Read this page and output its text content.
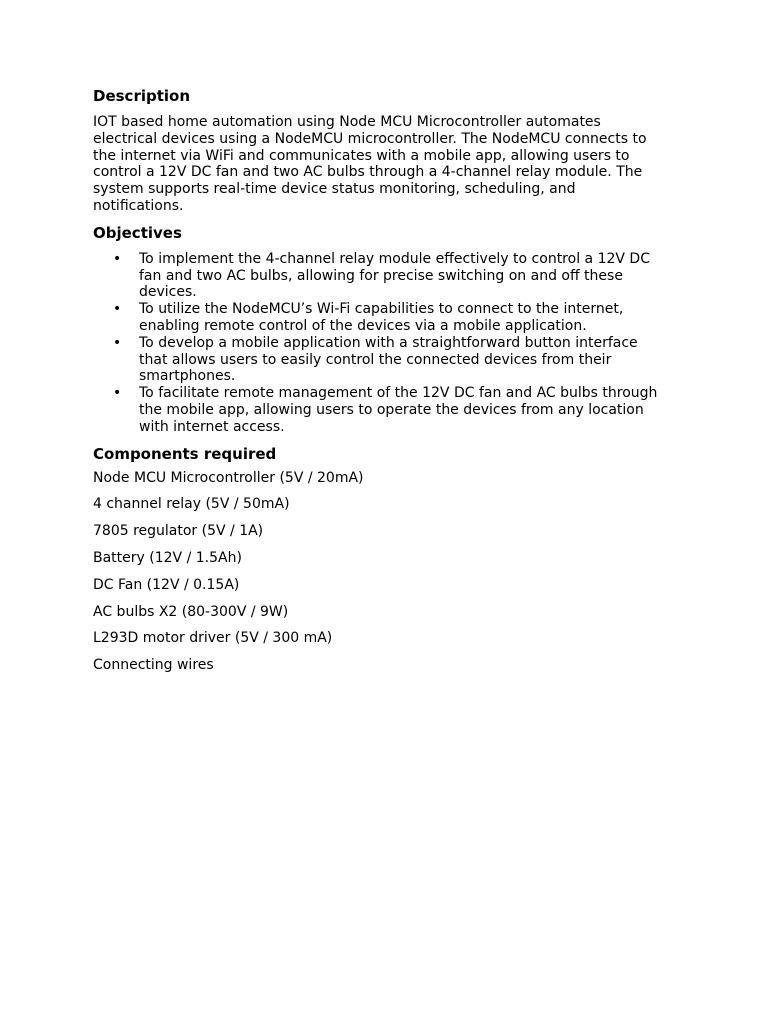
Description

IOT based home automation using Node MCU Microcontroller automates electrical devices using a NodeMCU microcontroller. The NodeMCU connects to the internet via WiFi and communicates with a mobile app, allowing users to control a 12V DC fan and two AC bulbs through a 4-channel relay module. The system supports real-time device status monitoring, scheduling, and notifications.

Objectives
• To implement the 4-channel relay module effectively to control a 12V DC fan and two AC bulbs, allowing for precise switching on and off these devices.
• To utilize the NodeMCU’s Wi-Fi capabilities to connect to the internet, enabling remote control of the devices via a mobile application.
• To develop a mobile application with a straightforward button interface that allows users to easily control the connected devices from their smartphones.
• To facilitate remote management of the 12V DC fan and AC bulbs through the mobile app, allowing users to operate the devices from any location with internet access.
Components required

Node MCU Microcontroller (5V / 20mA)

4 channel relay (5V / 50mA)

7805 regulator (5V / 1A)

Battery (12V / 1.5Ah)

DC Fan (12V / 0.15A)

AC bulbs X2 (80-300V / 9W)

L293D motor driver (5V / 300 mA)

Connecting wires
